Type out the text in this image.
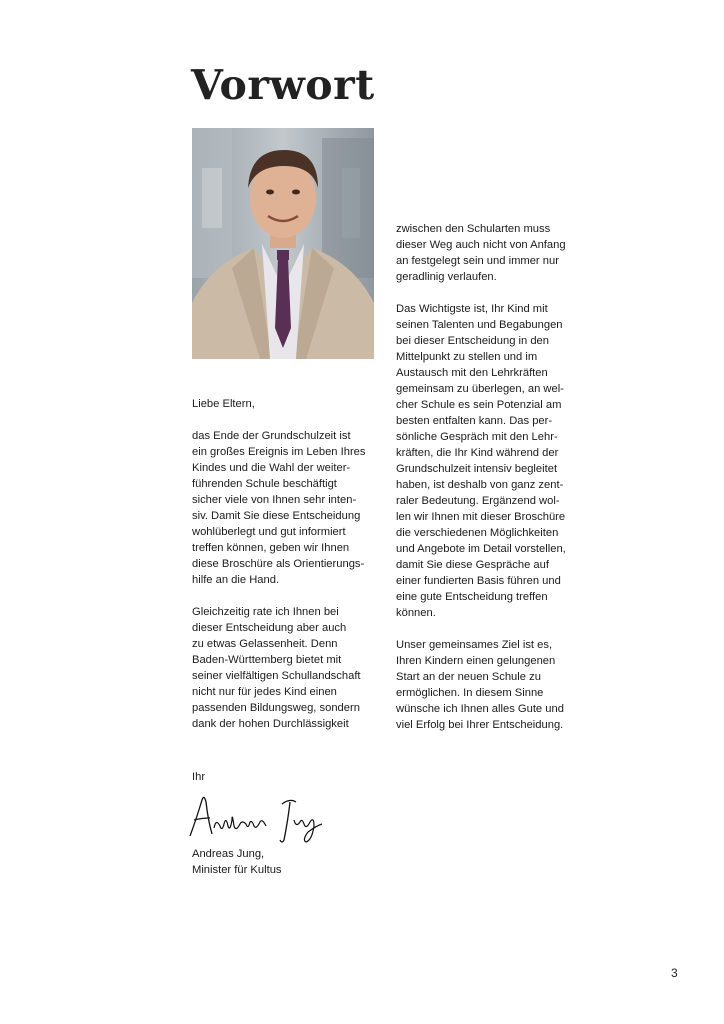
Vorwort

Liebe Eltern,

das Ende der Grundschulzeit ist
ein großes Ereignis im Leben Ihres
Kindes und die Wahl der weiter-
führenden Schule beschäftigt
sicher viele von Ihnen sehr inten-
siv. Damit Sie diese Entscheidung
wohlüberlegt und gut informiert
treffen können, geben wir Ihnen
diese Broschüre als Orientierungs-
hilfe an die Hand.

Gleichzeitig rate ich Ihnen bei
dieser Entscheidung aber auch
zu etwas Gelassenheit. Denn
Baden-Württemberg bietet mit
seiner vielfältigen Schullandschaft
nicht nur für jedes Kind einen
passenden Bildungsweg, sondern
dank der hohen Durchlässigkeit

zwischen den Schularten muss
dieser Weg auch nicht von Anfang
an festgelegt sein und immer nur
geradlinig verlaufen.

Das Wichtigste ist, Ihr Kind mit
seinen Talenten und Begabungen
bei dieser Entscheidung in den
Mittelpunkt zu stellen und im
Austausch mit den Lehrkräften
gemeinsam zu überlegen, an wel-
cher Schule es sein Potenzial am
besten entfalten kann. Das per-
sönliche Gespräch mit den Lehr-
kräften, die Ihr Kind während der
Grundschulzeit intensiv begleitet
haben, ist deshalb von ganz zent-
raler Bedeutung. Ergänzend wol-
len wir Ihnen mit dieser Broschüre
die verschiedenen Möglichkeiten
und Angebote im Detail vorstellen,
damit Sie diese Gespräche auf
einer fundierten Basis führen und
eine gute Entscheidung treffen
können.

Unser gemeinsames Ziel ist es,
Ihren Kindern einen gelungenen
Start an der neuen Schule zu
ermöglichen. In diesem Sinne
wünsche ich Ihnen alles Gute und
viel Erfolg bei Ihrer Entscheidung.

Ihr
Andreas Jung,
Minister für Kultus
3
